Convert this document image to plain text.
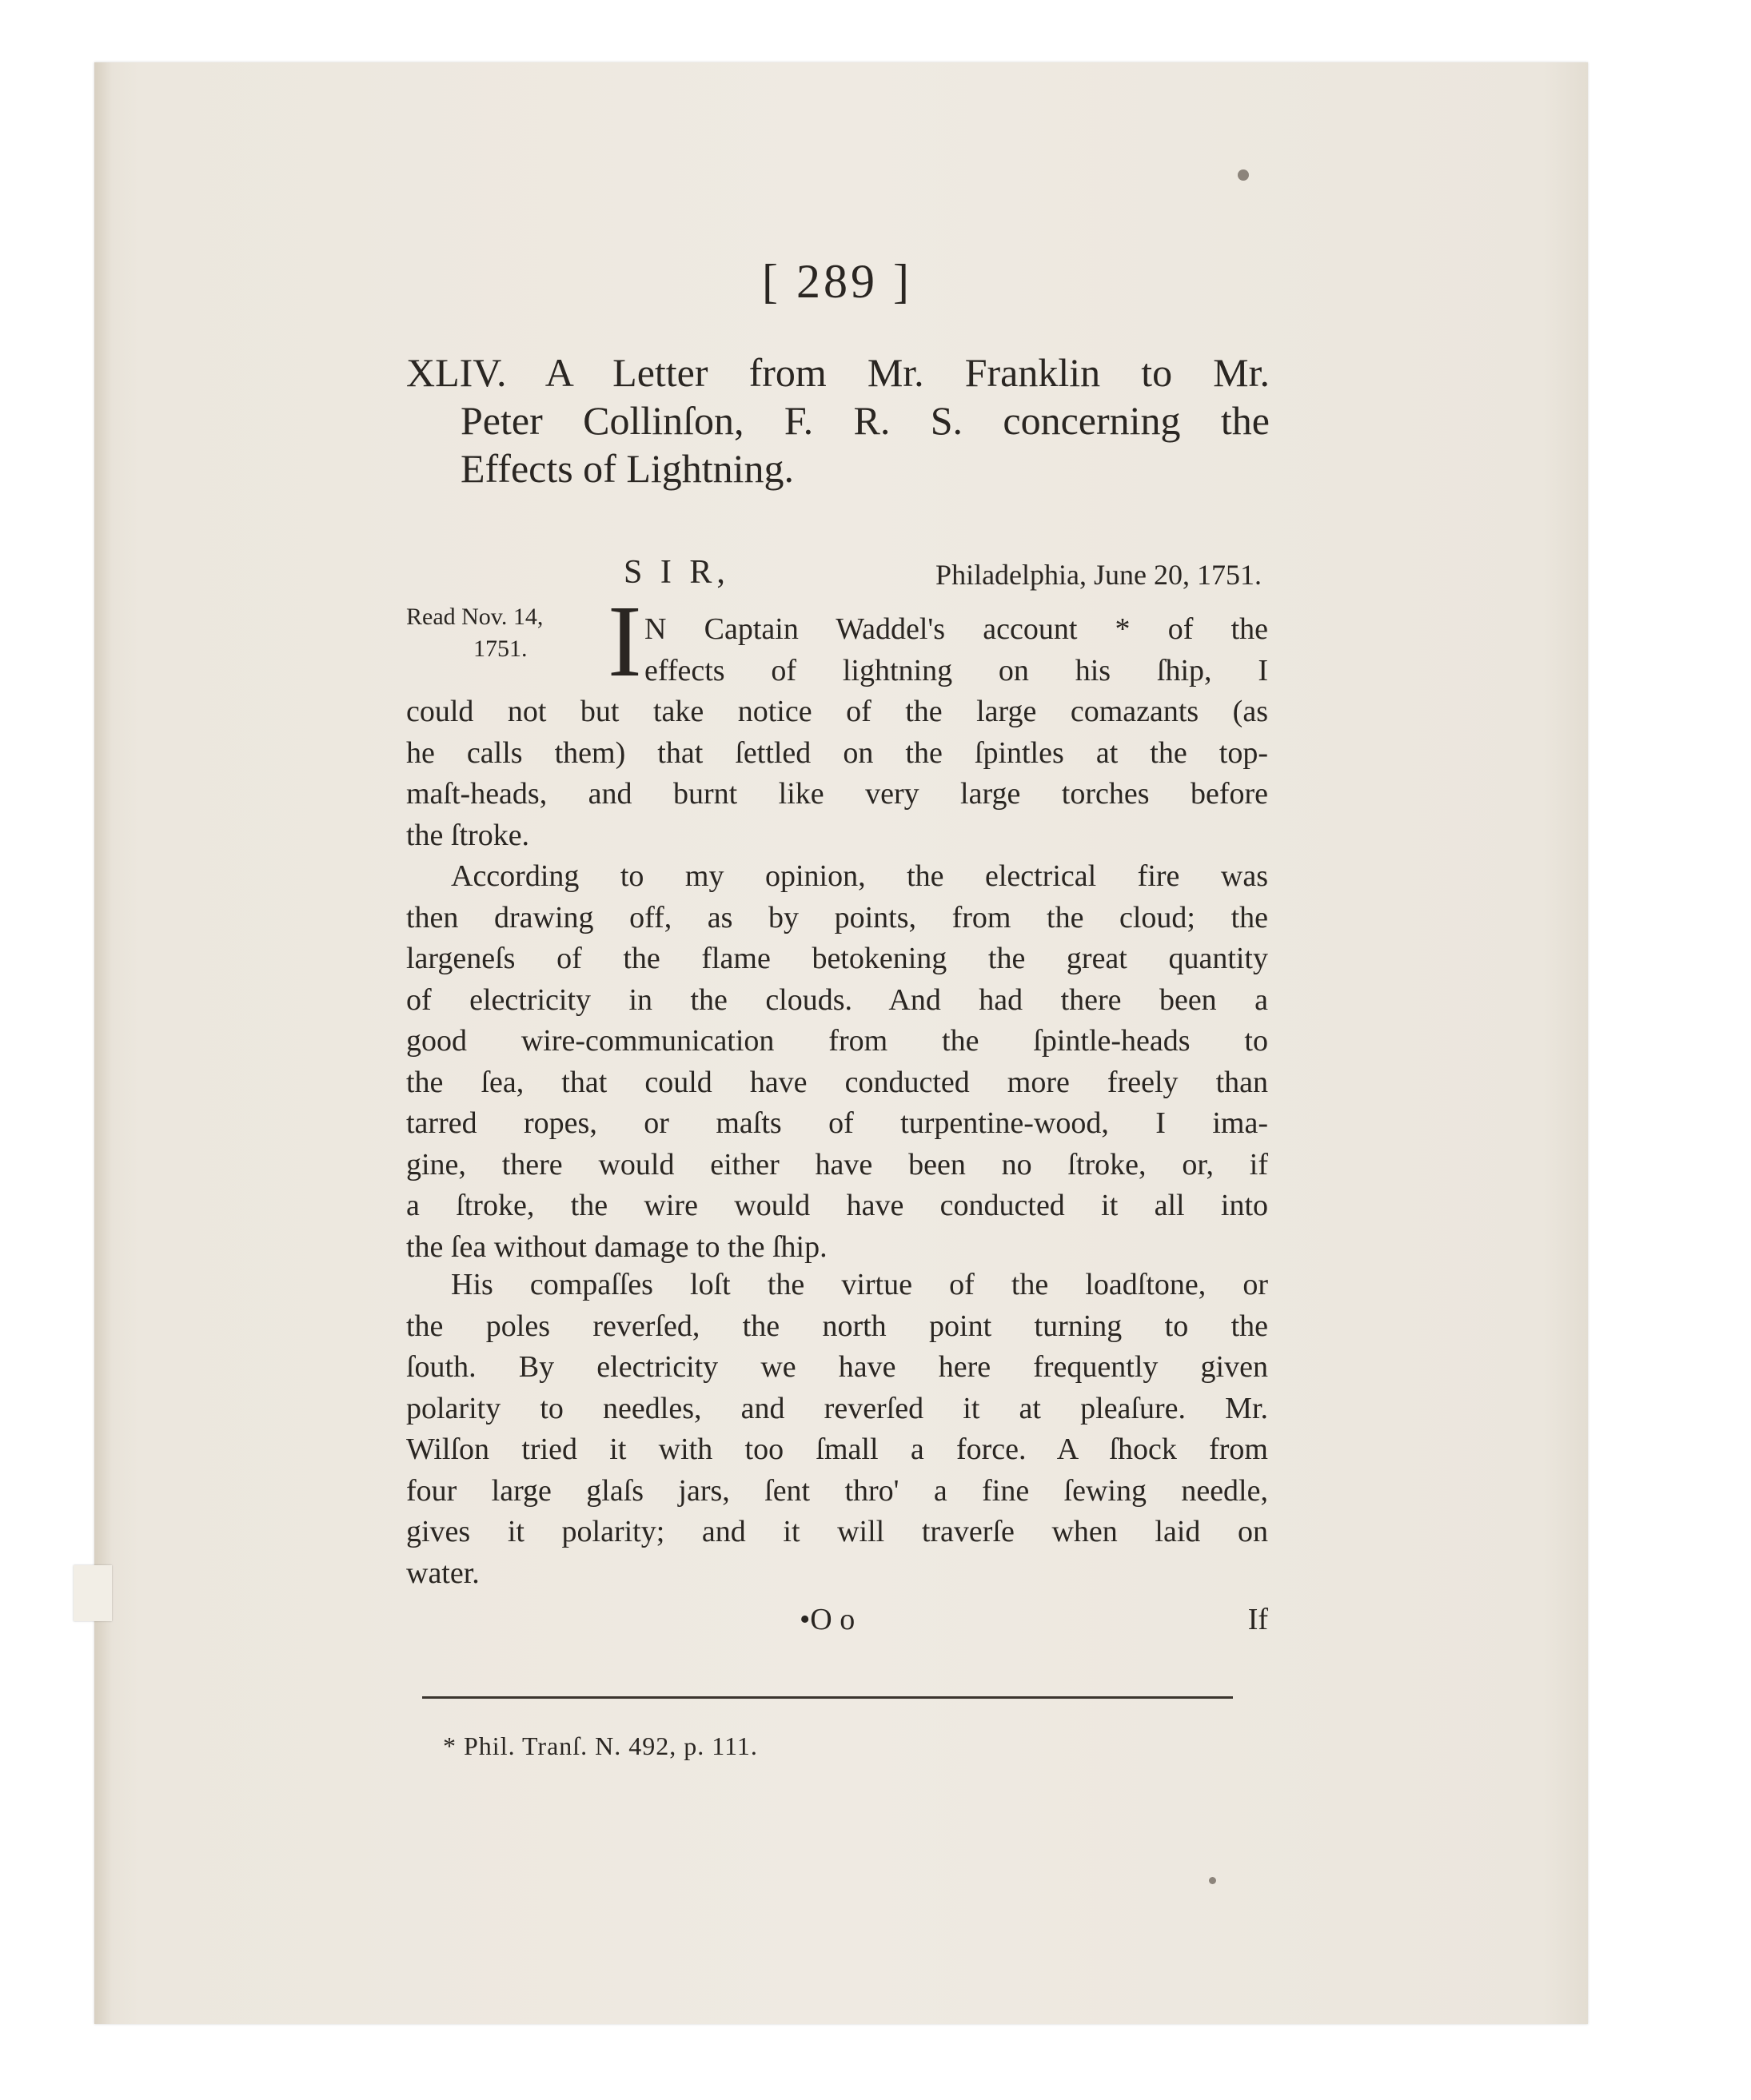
[ 289 ]
XLIV. A Letter from Mr. Franklin to Mr.
Peter Collinſon, F. R. S. concerning the
Effects of Lightning.
S I R,	Philadelphia, June 20, 1751.
Read Nov. 14,
1751. I N Captain Waddel's account * of the
effects of lightning on his ſhip, I
could not but take notice of the large comazants (as
he calls them) that ſettled on the ſpintles at the top-
maſt-heads, and burnt like very large torches before
the ſtroke.
According to my opinion, the electrical fire was
then drawing off, as by points, from the cloud; the
largeneſs of the flame betokening the great quantity
of electricity in the clouds. And had there been a
good wire-communication from the ſpintle-heads to
the ſea, that could have conducted more freely than
tarred ropes, or maſts of turpentine-wood, I ima-
gine, there would either have been no ſtroke, or, if
a ſtroke, the wire would have conducted it all into
the ſea without damage to the ſhip.
His compaſſes loſt the virtue of the loadſtone, or
the poles reverſed, the north point turning to the
ſouth. By electricity we have here frequently given
polarity to needles, and reverſed it at pleaſure. Mr.
Wilſon tried it with too ſmall a force. A ſhock from
four large glaſs jars, ſent thro' a fine ſewing needle,
gives it polarity; and it will traverſe when laid on
water.
•O o	If
* Phil. Tranſ. N. 492, p. 111.
